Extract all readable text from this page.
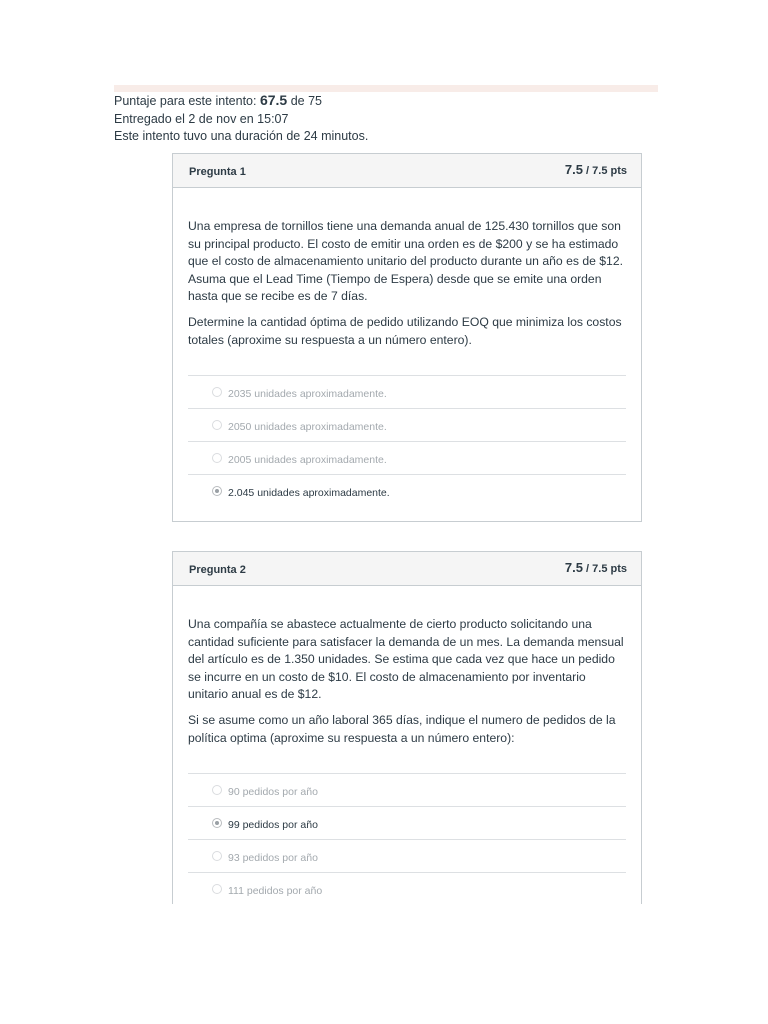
Puntaje para este intento: 67.5 de 75
Entregado el 2 de nov en 15:07
Este intento tuvo una duración de 24 minutos.
Pregunta 1	7.5 / 7.5 pts

Una empresa de tornillos tiene una demanda anual de 125.430 tornillos que son su principal producto. El costo de emitir una orden es de $200 y se ha estimado que el costo de almacenamiento unitario del producto durante un año es de $12. Asuma que el Lead Time (Tiempo de Espera) desde que se emite una orden hasta que se recibe es de 7 días.

Determine la cantidad óptima de pedido utilizando EOQ que minimiza los costos totales (aproxime su respuesta a un número entero).

2035 unidades aproximadamente.
2050 unidades aproximadamente.
2005 unidades aproximadamente.
2.045 unidades aproximadamente.
Pregunta 2	7.5 / 7.5 pts

Una compañía se abastece actualmente de cierto producto solicitando una cantidad suficiente para satisfacer la demanda de un mes. La demanda mensual del artículo es de 1.350 unidades. Se estima que cada vez que hace un pedido se incurre en un costo de $10. El costo de almacenamiento por inventario unitario anual es de $12.

Si se asume como un año laboral 365 días, indique el numero de pedidos de la política optima (aproxime su respuesta a un número entero):

90 pedidos por año
99 pedidos por año
93 pedidos por año
111 pedidos por año
